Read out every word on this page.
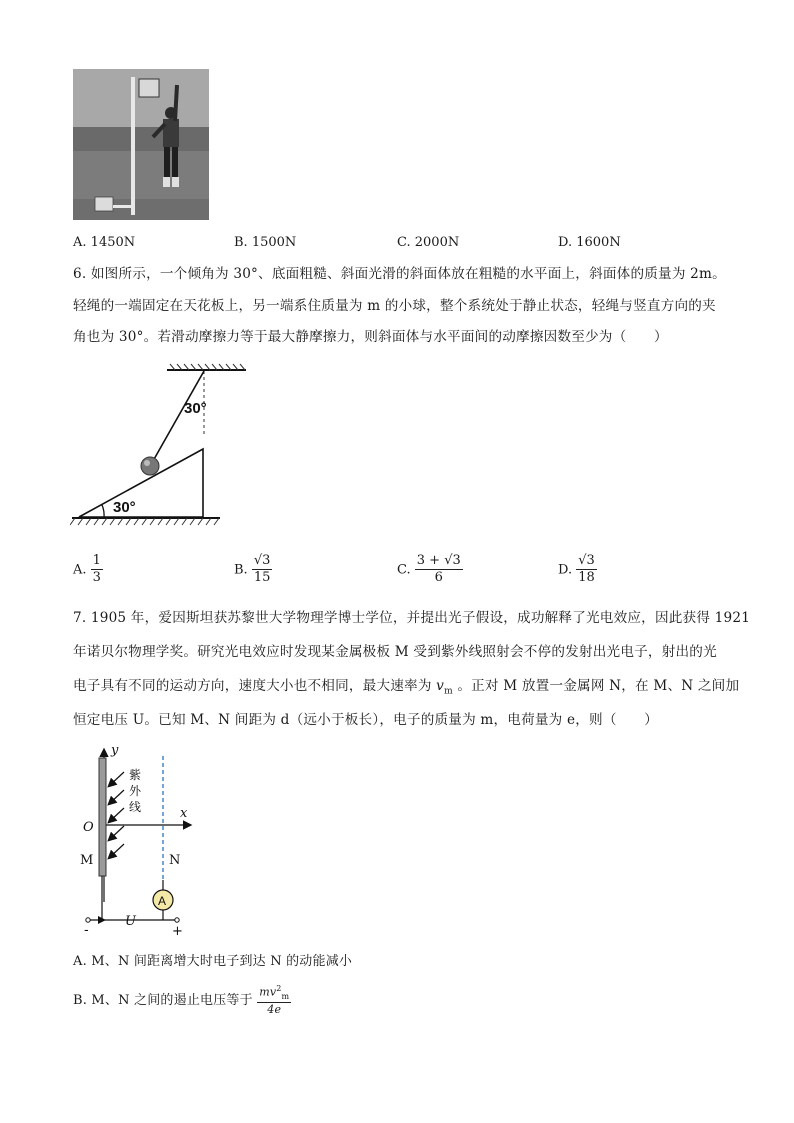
A. 1450N	B. 1500N	C. 2000N	D. 1600N
6. 如图所示，一个倾角为 30°、底面粗糙、斜面光滑的斜面体放在粗糙的水平面上，斜面体的质量为 2m。
轻绳的一端固定在天花板上，另一端系住质量为 m 的小球，整个系统处于静止状态，轻绳与竖直方向的夹
角也为 30°。若滑动摩擦力等于最大静摩擦力，则斜面体与水平面间的动摩擦因数至少为（　　）
30°
30°
A. $\frac{1}{3}$	B. $\frac{√3}{15}$	C. $\frac{3 + √3}{6}$	D. $\frac{√3}{18}$
7. 1905 年，爱因斯坦获苏黎世大学物理学博士学位，并提出光子假设，成功解释了光电效应，因此获得 1921
年诺贝尔物理学奖。研究光电效应时发现某金属极板 M 受到紫外线照射会不停的发射出光电子，射出的光
电子具有不同的运动方向，速度大小也不相同，最大速率为 $v_m$ 。正对 M 放置一金属网 N，在 M、N 之间加
恒定电压 U。已知 M、N 间距为 d（远小于板长），电子的质量为 m，电荷量为 e，则（　　）
y
x
O
紫
外
线
M	N
A
U
-	+
A. M、N 间距离增大时电子到达 N 的动能减小
B. M、N 之间的遏止电压等于 $\frac{mv^2_m}{4e}$
